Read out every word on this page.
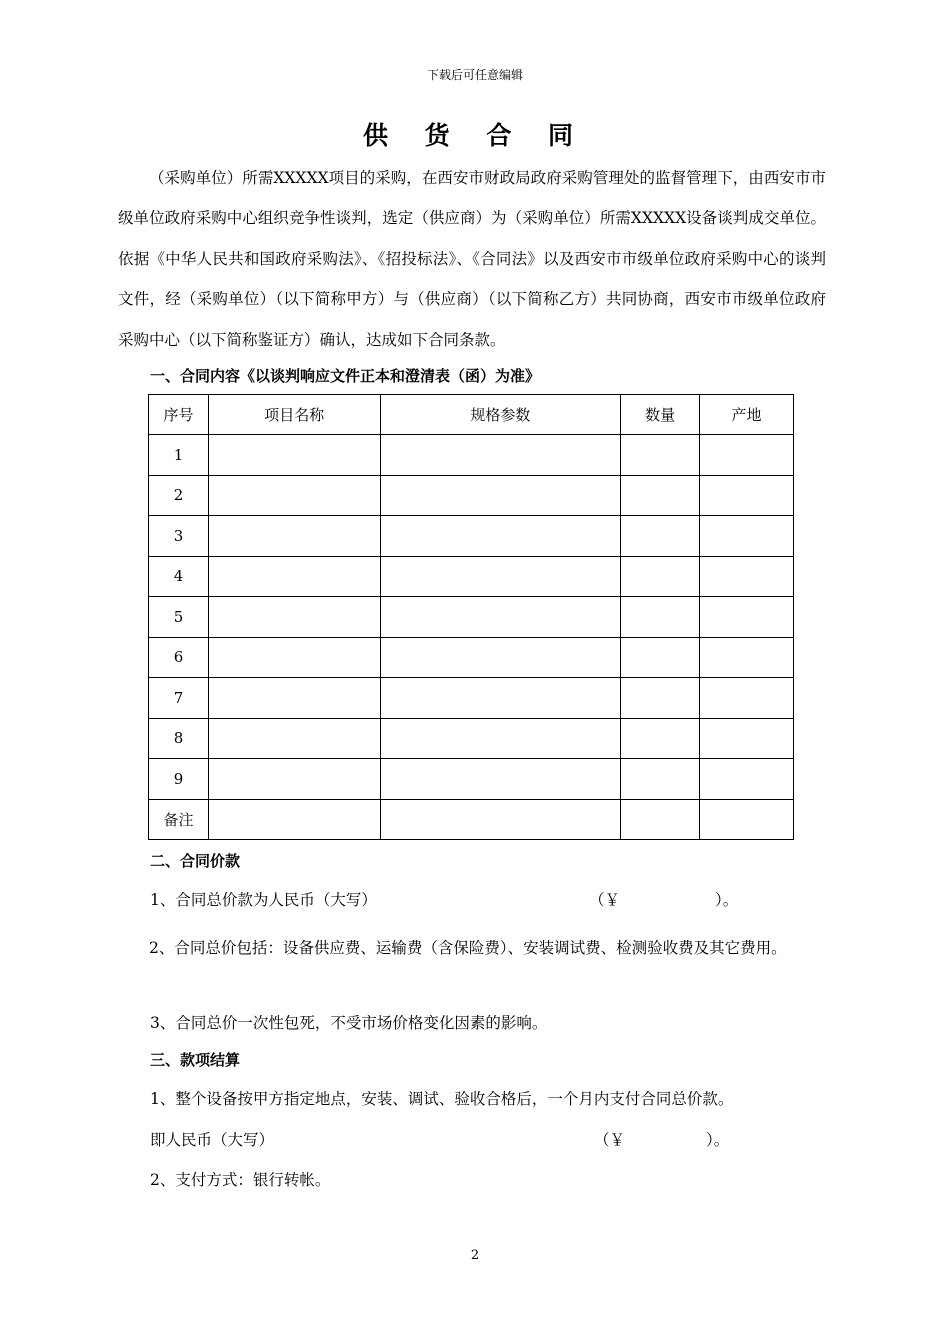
下载后可任意编辑
供 货 合 同

（采购单位）所需XXXXX项目的采购，在西安市财政局政府采购管理处的监督管理下，由西安市市级单位政府采购中心组织竞争性谈判，选定（供应商）为（采购单位）所需XXXXX设备谈判成交单位。依据《中华人民共和国政府采购法》、《招投标法》、《合同法》以及西安市市级单位政府采购中心的谈判文件，经（采购单位）（以下简称甲方）与（供应商）（以下简称乙方）共同协商，西安市市级单位政府采购中心（以下简称鉴证方）确认，达成如下合同条款。

一、合同内容《以谈判响应文件正本和澄清表（函）为准》
序号	项目名称	规格参数	数量	产地
1				
2				
3				
4				
5				
6				
7				
8				
9				
备注				
二、合同价款
1、合同总价款为人民币（大写）	（￥	）。

2、合同总价包括：设备供应费、运输费（含保险费）、安装调试费、检测验收费及其它费用。

3、合同总价一次性包死，不受市场价格变化因素的影响。
三、款项结算
1、整个设备按甲方指定地点，安装、调试、验收合格后，一个月内支付合同总价款。
即人民币（大写）	（￥	）。
2、支付方式：银行转帐。
2
